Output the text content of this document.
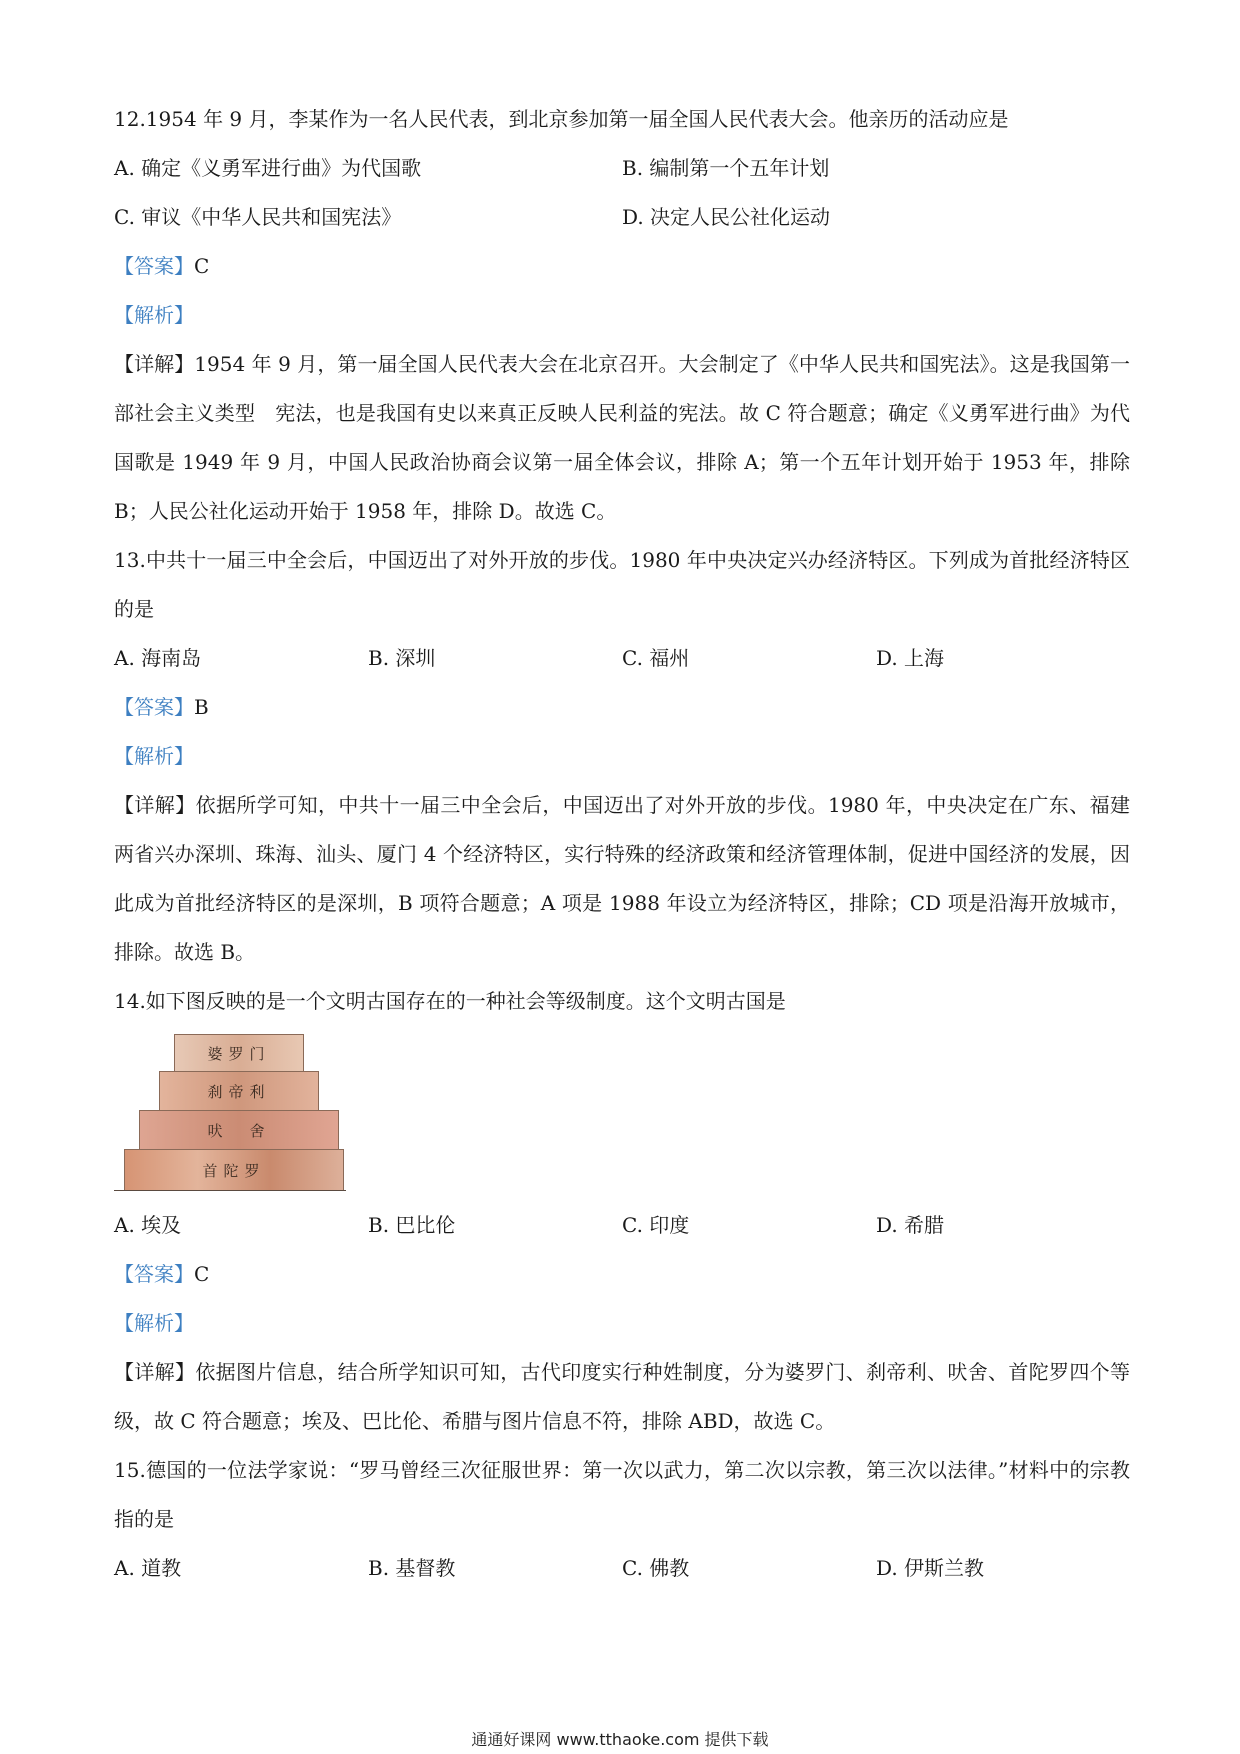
12.1954 年 9 月，李某作为一名人民代表，到北京参加第一届全国人民代表大会。他亲历的活动应是
A. 确定《义勇军进行曲》为代国歌	B. 编制第一个五年计划
C. 审议《中华人民共和国宪法》	D. 决定人民公社化运动
【答案】C
【解析】
【详解】1954 年 9 月，第一届全国人民代表大会在北京召开。大会制定了《中华人民共和国宪法》。这是我国第一部社会主义类型　宪法，也是我国有史以来真正反映人民利益的宪法。故 C 符合题意；确定《义勇军进行曲》为代国歌是 1949 年 9 月，中国人民政治协商会议第一届全体会议，排除 A；第一个五年计划开始于 1953 年，排除 B；人民公社化运动开始于 1958 年，排除 D。故选 C。
13.中共十一届三中全会后，中国迈出了对外开放的步伐。1980 年中央决定兴办经济特区。下列成为首批经济特区的是
A. 海南岛	B. 深圳	C. 福州	D. 上海
【答案】B
【解析】
【详解】依据所学可知，中共十一届三中全会后，中国迈出了对外开放的步伐。1980 年，中央决定在广东、福建两省兴办深圳、珠海、汕头、厦门 4 个经济特区，实行特殊的经济政策和经济管理体制，促进中国经济的发展，因此成为首批经济特区的是深圳，B 项符合题意；A 项是 1988 年设立为经济特区，排除；CD 项是沿海开放城市，排除。故选 B。
14.如下图反映的是一个文明古国存在的一种社会等级制度。这个文明古国是
婆罗门
刹帝利
吠　舍
首陀罗
A. 埃及	B. 巴比伦	C. 印度	D. 希腊
【答案】C
【解析】
【详解】依据图片信息，结合所学知识可知，古代印度实行种姓制度，分为婆罗门、刹帝利、吠舍、首陀罗四个等级，故 C 符合题意；埃及、巴比伦、希腊与图片信息不符，排除 ABD，故选 C。
15.德国的一位法学家说：“罗马曾经三次征服世界：第一次以武力，第二次以宗教，第三次以法律。”材料中的宗教指的是
A. 道教	B. 基督教	C. 佛教	D. 伊斯兰教
通通好课网 www.tthaoke.com 提供下载
